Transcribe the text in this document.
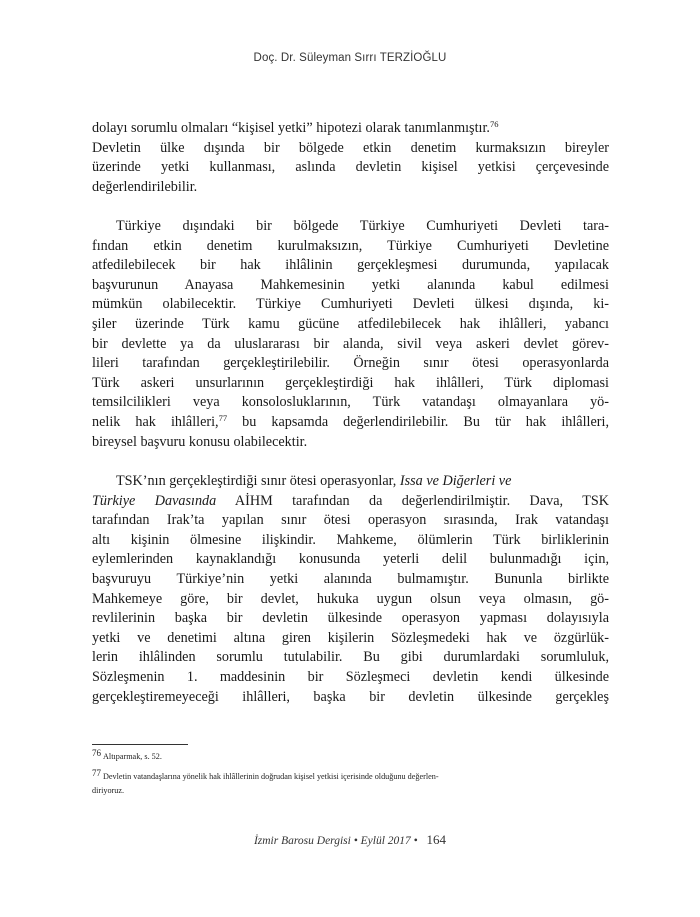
Doç. Dr. Süleyman Sırrı TERZİOĞLU
dolayı sorumlu olmaları “kişisel yetki” hipotezi olarak tanımlanmıştır.$^{76}$
Devletin ülke dışında bir bölgede etkin denetim kurmaksızın bireyler
üzerinde yetki kullanması, aslında devletin kişisel yetkisi çerçevesinde
değerlendirilebilir.
Türkiye dışındaki bir bölgede Türkiye Cumhuriyeti Devleti tara-
fından etkin denetim kurulmaksızın, Türkiye Cumhuriyeti Devletine
atfedilebilecek bir hak ihlâlinin gerçekleşmesi durumunda, yapılacak
başvurunun Anayasa Mahkemesinin yetki alanında kabul edilmesi
mümkün olabilecektir. Türkiye Cumhuriyeti Devleti ülkesi dışında, ki-
şiler üzerinde Türk kamu gücüne atfedilebilecek hak ihlâlleri, yabancı
bir devlette ya da uluslararası bir alanda, sivil veya askeri devlet görev-
lileri tarafından gerçekleştirilebilir. Örneğin sınır ötesi operasyonlarda
Türk askeri unsurlarının gerçekleştirdiği hak ihlâlleri, Türk diplomasi
temsilcilikleri veya konsolosluklarının, Türk vatandaşı olmayanlara yö-
nelik hak ihlâlleri,$^{77}$ bu kapsamda değerlendirilebilir. Bu tür hak ihlâlleri,
bireysel başvuru konusu olabilecektir.
TSK’nın gerçekleştirdiği sınır ötesi operasyonlar, Issa ve Diğerleri ve
Türkiye Davasında AİHM tarafından da değerlendirilmiştir. Dava, TSK
tarafından Irak’ta yapılan sınır ötesi operasyon sırasında, Irak vatandaşı
altı kişinin ölmesine ilişkindir. Mahkeme, ölümlerin Türk birliklerinin
eylemlerinden kaynaklandığı konusunda yeterli delil bulunmadığı için,
başvuruyu Türkiye’nin yetki alanında bulmamıştır. Bununla birlikte
Mahkemeye göre, bir devlet, hukuka uygun olsun veya olmasın, gö-
revlilerinin başka bir devletin ülkesinde operasyon yapması dolayısıyla
yetki ve denetimi altına giren kişilerin Sözleşmedeki hak ve özgürlük-
lerin ihlâlinden sorumlu tutulabilir. Bu gibi durumlardaki sorumluluk,
Sözleşmenin 1. maddesinin bir Sözleşmeci devletin kendi ülkesinde
gerçekleştiremeyeceği ihlâlleri, başka bir devletin ülkesinde gerçekleş
76 Altıparmak, s. 52.
77 Devletin vatandaşlarına yönelik hak ihlâllerinin doğrudan kişisel yetkisi içerisinde olduğunu değerlen-
diriyoruz.
İzmir Barosu Dergisi • Eylül 2017 • 164
